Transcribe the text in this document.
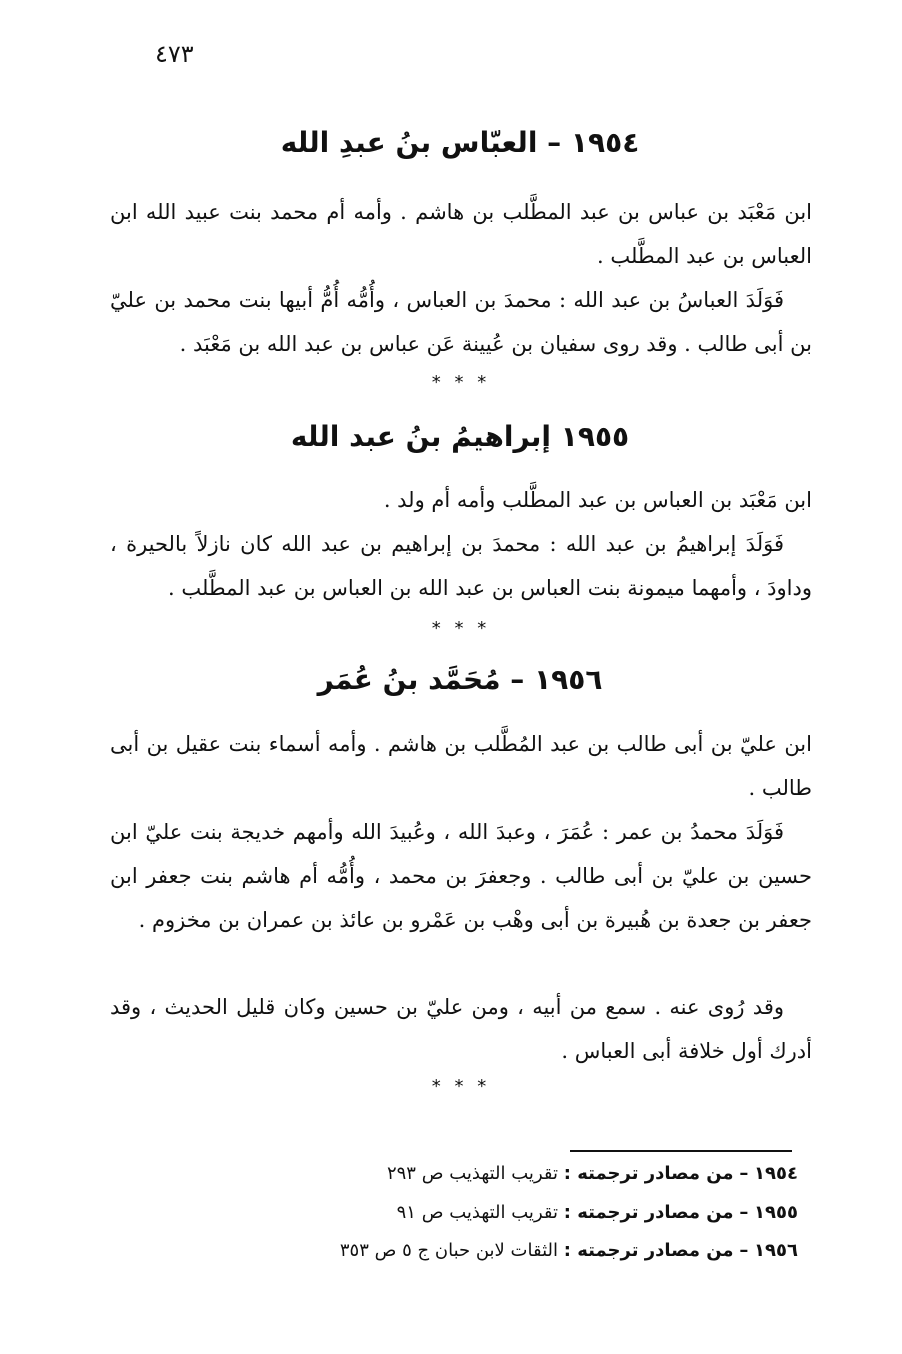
٤٧٣
١٩٥٤ – العبّاس بنُ عبدِ الله

ابن مَعْبَد بن عباس بن عبد المطَّلب بن هاشم . وأمه أم محمد بنت عبيد الله ابن العباس بن عبد المطَّلب .

فَوَلَدَ العباسُ بن عبد الله : محمدَ بن العباس ، وأُمُّه أُمُّ أبيها بنت محمد بن عليّ بن أبى طالب . وقد روى سفيان بن عُيينة عَن عباس بن عبد الله بن مَعْبَد .

* * *
١٩٥٥ إبراهيمُ بنُ عبد الله

ابن مَعْبَد بن العباس بن عبد المطَّلب وأمه أم ولد .

فَوَلَدَ إبراهيمُ بن عبد الله : محمدَ بن إبراهيم بن عبد الله كان نازلاً بالحيرة ، وداودَ ، وأمهما ميمونة بنت العباس بن عبد الله بن العباس بن عبد المطَّلب .

* * *
١٩٥٦ – مُحَمَّد بنُ عُمَر

ابن عليّ بن أبى طالب بن عبد المُطَّلب بن هاشم . وأمه أسماء بنت عقيل بن أبى طالب .

فَوَلَدَ محمدُ بن عمر : عُمَرَ ، وعبدَ الله ، وعُبيدَ الله وأمهم خديجة بنت عليّ ابن حسين بن عليّ بن أبى طالب . وجعفرَ بن محمد ، وأُمُّه أم هاشم بنت جعفر ابن جعفر بن جعدة بن هُبيرة بن أبى وهْب بن عَمْرو بن عائذ بن عمران بن مخزوم .

وقد رُوى عنه . سمع من أبيه ، ومن عليّ بن حسين وكان قليل الحديث ، وقد أدرك أول خلافة أبى العباس .

* * *
١٩٥٤ – من مصادر ترجمته : تقريب التهذيب ص ٢٩٣
١٩٥٥ – من مصادر ترجمته : تقريب التهذيب ص ٩١
١٩٥٦ – من مصادر ترجمته : الثقات لابن حبان ج ٥ ص ٣٥٣
